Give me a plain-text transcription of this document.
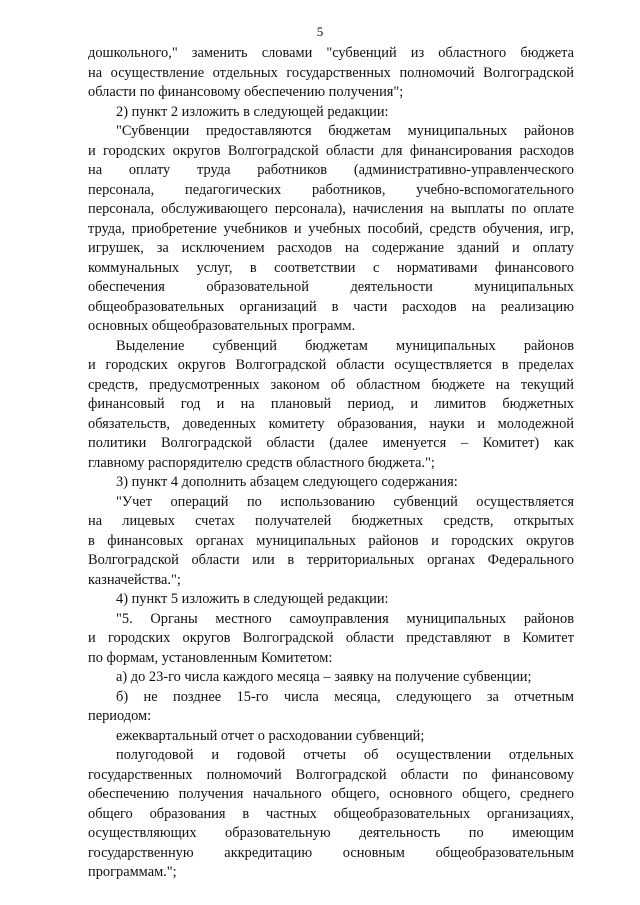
5
дошкольного," заменить словами "субвенций из областного бюджета
на осуществление отдельных государственных полномочий Волгоградской
области по финансовому обеспечению получения";
2) пункт 2 изложить в следующей редакции:
"Субвенции предоставляются бюджетам муниципальных районов
и городских округов Волгоградской области для финансирования расходов
на оплату труда работников (административно-управленческого
персонала, педагогических работников, учебно-вспомогательного
персонала, обслуживающего персонала), начисления на выплаты по оплате
труда, приобретение учебников и учебных пособий, средств обучения, игр,
игрушек, за исключением расходов на содержание зданий и оплату
коммунальных услуг, в соответствии с нормативами финансового
обеспечения образовательной деятельности муниципальных
общеобразовательных организаций в части расходов на реализацию
основных общеобразовательных программ.
Выделение субвенций бюджетам муниципальных районов
и городских округов Волгоградской области осуществляется в пределах
средств, предусмотренных законом об областном бюджете на текущий
финансовый год и на плановый период, и лимитов бюджетных
обязательств, доведенных комитету образования, науки и молодежной
политики Волгоградской области (далее именуется – Комитет) как
главному распорядителю средств областного бюджета.";
3) пункт 4 дополнить абзацем следующего содержания:
"Учет операций по использованию субвенций осуществляется
на лицевых счетах получателей бюджетных средств, открытых
в финансовых органах муниципальных районов и городских округов
Волгоградской области или в территориальных органах Федерального
казначейства.";
4) пункт 5 изложить в следующей редакции:
"5. Органы местного самоуправления муниципальных районов
и городских округов Волгоградской области представляют в Комитет
по формам, установленным Комитетом:
а) до 23-го числа каждого месяца – заявку на получение субвенции;
б) не позднее 15-го числа месяца, следующего за отчетным
периодом:
ежеквартальный отчет о расходовании субвенций;
полугодовой и годовой отчеты об осуществлении отдельных
государственных полномочий Волгоградской области по финансовому
обеспечению получения начального общего, основного общего, среднего
общего образования в частных общеобразовательных организациях,
осуществляющих образовательную деятельность по имеющим
государственную аккредитацию основным общеобразовательным
программам.";
